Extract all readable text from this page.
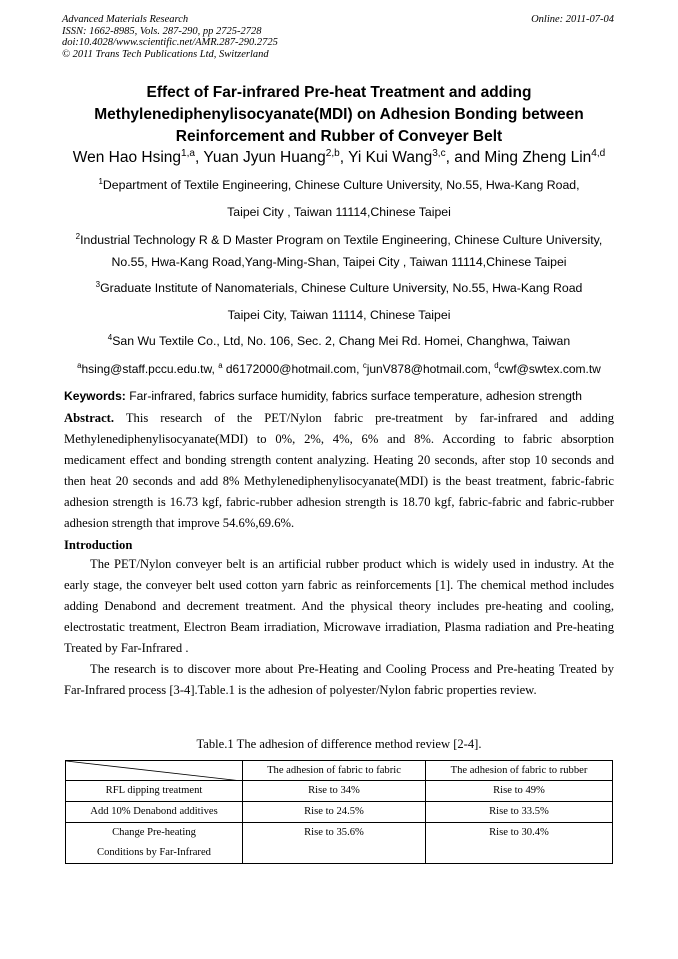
Advanced Materials Research
ISSN: 1662-8985, Vols. 287-290, pp 2725-2728
doi:10.4028/www.scientific.net/AMR.287-290.2725
© 2011 Trans Tech Publications Ltd, Switzerland
Online: 2011-07-04
Effect of Far-infrared Pre-heat Treatment and adding
Methylenediphenylisocyanate(MDI) on Adhesion Bonding between
Reinforcement and Rubber of Conveyer Belt
Wen Hao Hsing$^{1,a}$, Yuan Jyun Huang$^{2,b}$, Yi Kui Wang$^{3,c}$, and Ming Zheng Lin$^{4,d}$
$^1$Department of Textile Engineering, Chinese Culture University, No.55, Hwa-Kang Road,
Taipei City , Taiwan 11114,Chinese Taipei
$^2$Industrial Technology R & D Master Program on Textile Engineering, Chinese Culture University,
No.55, Hwa-Kang Road,Yang-Ming-Shan, Taipei City , Taiwan 11114,Chinese Taipei
$^3$Graduate Institute of Nanomaterials, Chinese Culture University, No.55, Hwa-Kang Road
Taipei City, Taiwan 11114, Chinese Taipei
$^4$San Wu Textile Co., Ltd, No. 106, Sec. 2, Chang Mei Rd. Homei, Changhwa, Taiwan
$^a$hsing@staff.pccu.edu.tw, $^a$ d6172000@hotmail.com, $^c$junV878@hotmail.com, $^d$cwf@swtex.com.tw
Keywords: Far-infrared, fabrics surface humidity, fabrics surface temperature, adhesion strength

Abstract. This research of the PET/Nylon fabric pre-treatment by far-infrared and adding Methylenediphenylisocyanate(MDI) to 0%, 2%, 4%, 6% and 8%. According to fabric absorption medicament effect and bonding strength content analyzing. Heating 20 seconds, after stop 10 seconds and then heat 20 seconds and add 8% Methylenediphenylisocyanate(MDI) is the beast treatment, fabric-fabric adhesion strength is 16.73 kgf, fabric-rubber adhesion strength is 18.70 kgf, fabric-fabric and fabric-rubber adhesion strength that improve 54.6%,69.6%.

Introduction

The PET/Nylon conveyer belt is an artificial rubber product which is widely used in industry. At the early stage, the conveyer belt used cotton yarn fabric as reinforcements [1]. The chemical method includes adding Denabond and decrement treatment. And the physical theory includes pre-heating and cooling, electrostatic treatment, Electron Beam irradiation, Microwave irradiation, Plasma radiation and Pre-heating Treated by Far-Infrared .

The research is to discover more about Pre-Heating and Cooling Process and Pre-heating Treated by Far-Infrared process [3-4].Table.1 is the adhesion of polyester/Nylon fabric properties review.

Table.1 The adhesion of difference method review [2-4].
	The adhesion of fabric to fabric	The adhesion of fabric to rubber
RFL dipping treatment	Rise to 34%	Rise to 49%
Add 10% Denabond additives	Rise to 24.5%	Rise to 33.5%

Change Pre-heating
Conditions by Far-Infrared	Rise to 35.6%	Rise to 30.4%
